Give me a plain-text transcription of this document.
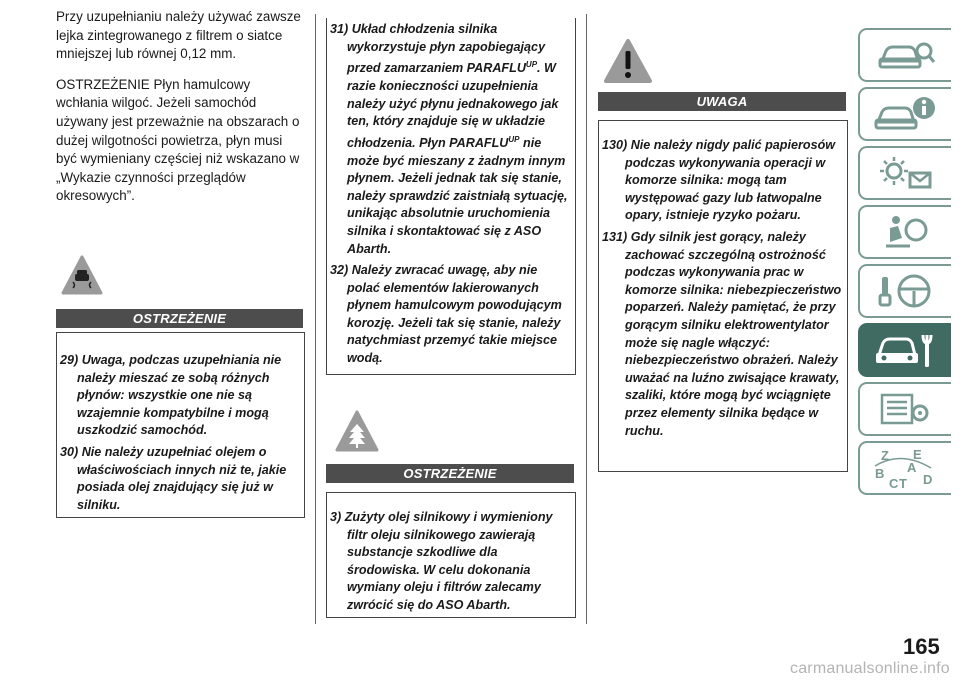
Przy uzupełnianiu należy używać zawsze lejka zintegrowanego z filtrem o siatce mniejszej lub równej 0,12 mm.

OSTRZEŻENIE Płyn hamulcowy wchłania wilgoć. Jeżeli samochód używany jest przeważnie na obszarach o dużej wilgotności powietrza, płyn musi być wymieniany częściej niż wskazano w „Wykazie czynności przeglądów okresowych”.

OSTRZEŻENIE
29) Uwaga, podczas uzupełniania nie należy mieszać ze sobą różnych płynów: wszystkie one nie są wzajemnie kompatybilne i mogą uszkodzić samochód.
30) Nie należy uzupełniać olejem o właściwościach innych niż te, jakie posiada olej znajdujący się już w silniku.
31) Układ chłodzenia silnika wykorzystuje płyn zapobiegający przed zamarzaniem $PARAFLU^{UP}$. W razie konieczności uzupełnienia należy użyć płynu jednakowego jak ten, który znajduje się w układzie chłodzenia. Płyn $PARAFLU^{UP}$ nie może być mieszany z żadnym innym płynem. Jeżeli jednak tak się stanie, należy sprawdzić zaistniałą sytuację, unikając absolutnie uruchomienia silnika i skontaktować się z ASO Abarth.
32) Należy zwracać uwagę, aby nie polać elementów lakierowanych płynem hamulcowym powodującym korozję. Jeżeli tak się stanie, należy natychmiast przemyć takie miejsce wodą.
OSTRZEŻENIE
3) Zużyty olej silnikowy i wymieniony filtr oleju silnikowego zawierają substancje szkodliwe dla środowiska. W celu dokonania wymiany oleju i filtrów zalecamy zwrócić się do ASO Abarth.
UWAGA
130) Nie należy nigdy palić papierosów podczas wykonywania operacji w komorze silnika: mogą tam występować gazy lub łatwopalne opary, istnieje ryzyko pożaru.
131) Gdy silnik jest gorący, należy zachować szczególną ostrożność podczas wykonywania prac w komorze silnika: niebezpieczeństwo poparzeń. Należy pamiętać, że przy gorącym silniku elektrowentylator może się nagle włączyć: niebezpieczeństwo obrażeń. Należy uważać na luźno zwisające krawaty, szaliki, które mogą być wciągnięte przez elementy silnika będące w ruchu.
Z E
A
B
C D
T
165
carmanualsonline.info
